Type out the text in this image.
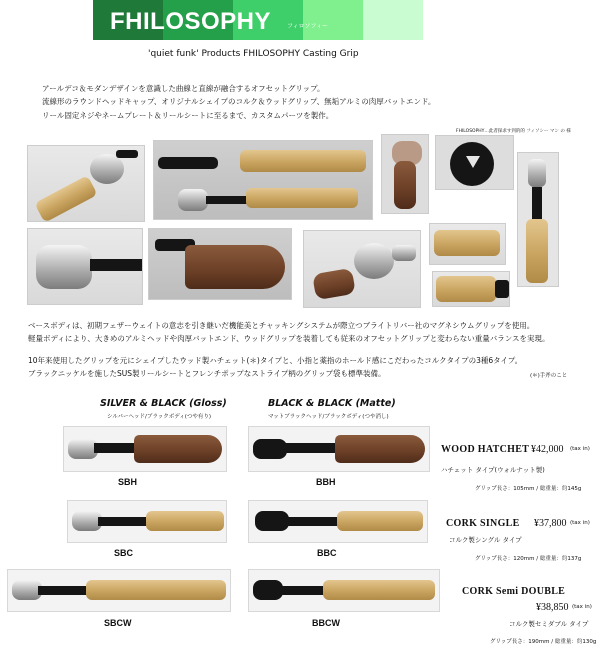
FHILOSOPHY	フィロソフィー
'quiet funk' Products FHILOSOPHY Casting Grip
アールデコ＆モダンデザインを意識した曲線と直線が融合するオフセットグリップ。
流線形のラウンドヘッドキャップ、オリジナルシェイプのコルク＆ウッドグリップ、無垢アルミの肉厚バットエンド。
リール固定ネジやネームプレート＆リールシートに至るまで、カスタムパーツを製作。
FHILOSOPHY…此者探求す到的的 フィソシー マン の 様
ベースボディは、初期フェザーウェイトの意志を引き継いだ機能美とチャッキングシステムが際立つブライトリバー社のマグネシウムグリップを使用。
軽量ボディにより、大きめのアルミヘッドや肉厚バットエンド、ウッドグリップを装着しても従来のオフセットグリップと変わらない重量バランスを実現。
10年来使用したグリップを元にシェイプしたウッド製ハチェット(＊)タイプと、小指と薬指のホールド感にこだわったコルクタイプの3種6タイプ。
ブラックニッケルを施したSUS製リールシートとフレンチポップなストライプ柄のグリップ袋も標準装備。	(＊)手斧のこと
SILVER & BLACK (Gloss)
シルバーヘッド/ブラックボディ(つや有り)
BLACK & BLACK (Matte)
マットブラックヘッド/ブラックボディ(つや消し)
SBH	BBH
WOOD HATCHET ¥42,000 (tax in)
ハチェット タイプ(ウォルナット製)
グリップ長さ：105mm / 総重量：約145g
SBC	BBC
CORK SINGLE ¥37,800 (tax in)
コルク製シングル タイプ
グリップ長さ：120mm / 総重量：約137g
SBCW	BBCW
CORK Semi DOUBLE
¥38,850 (tax in)
コルク製セミダブル タイプ
グリップ長さ：190mm / 総重量：約130g
